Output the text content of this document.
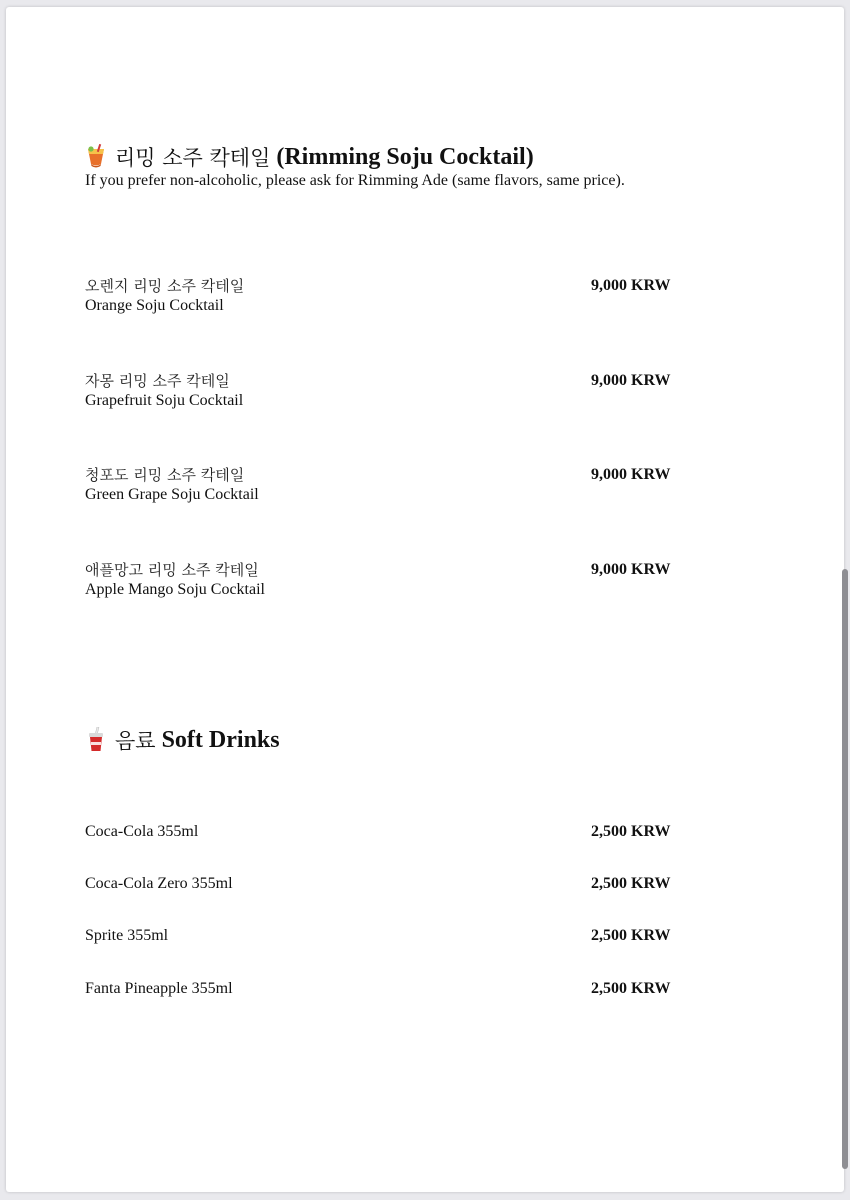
리밍 소주 칵테일 (Rimming Soju Cocktail)
If you prefer non-alcoholic, please ask for Rimming Ade (same flavors, same price).
오렌지 리밍 소주 칵테일
Orange Soju Cocktail
9,000 KRW
자몽 리밍 소주 칵테일
Grapefruit Soju Cocktail
9,000 KRW
청포도 리밍 소주 칵테일
Green Grape Soju Cocktail
9,000 KRW
애플망고 리밍 소주 칵테일
Apple Mango Soju Cocktail
9,000 KRW
음료 Soft Drinks
Coca-Cola 355ml	2,500 KRW
Coca-Cola Zero 355ml	2,500 KRW
Sprite 355ml	2,500 KRW
Fanta Pineapple 355ml	2,500 KRW
